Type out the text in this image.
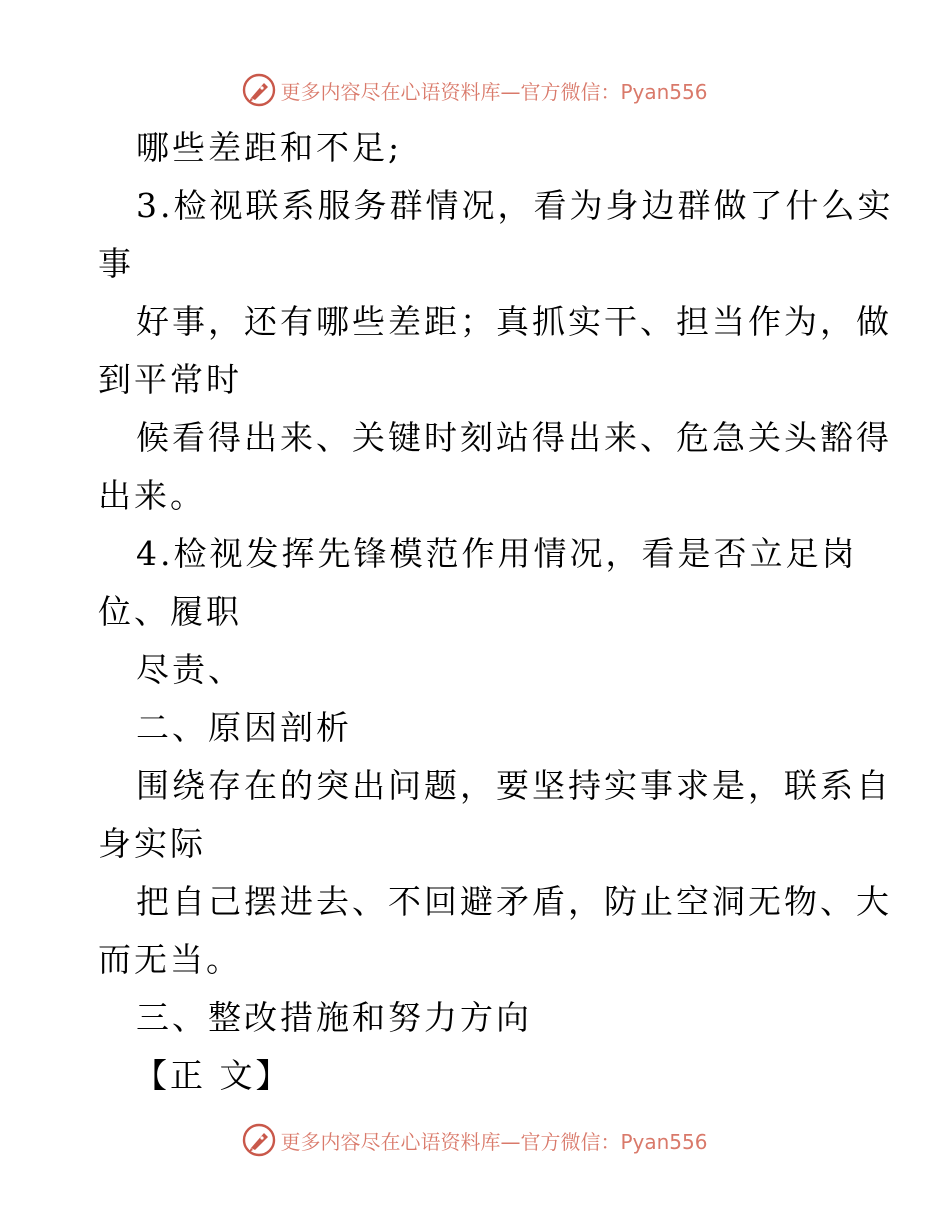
更多内容尽在心语资料库—官方微信：Pyan556
哪些差距和不足;
3.检视联系服务群情况，看为身边群做了什么实
事
好事，还有哪些差距；真抓实干、担当作为，做
到平常时
候看得出来、关键时刻站得出来、危急关头豁得
出来。
4.检视发挥先锋模范作用情况，看是否立足岗
位、履职
尽责、
二、原因剖析
围绕存在的突出问题，要坚持实事求是，联系自
身实际
把自己摆进去、不回避矛盾，防止空洞无物、大
而无当。
三、整改措施和努力方向
【正 文】
更多内容尽在心语资料库—官方微信：Pyan556
